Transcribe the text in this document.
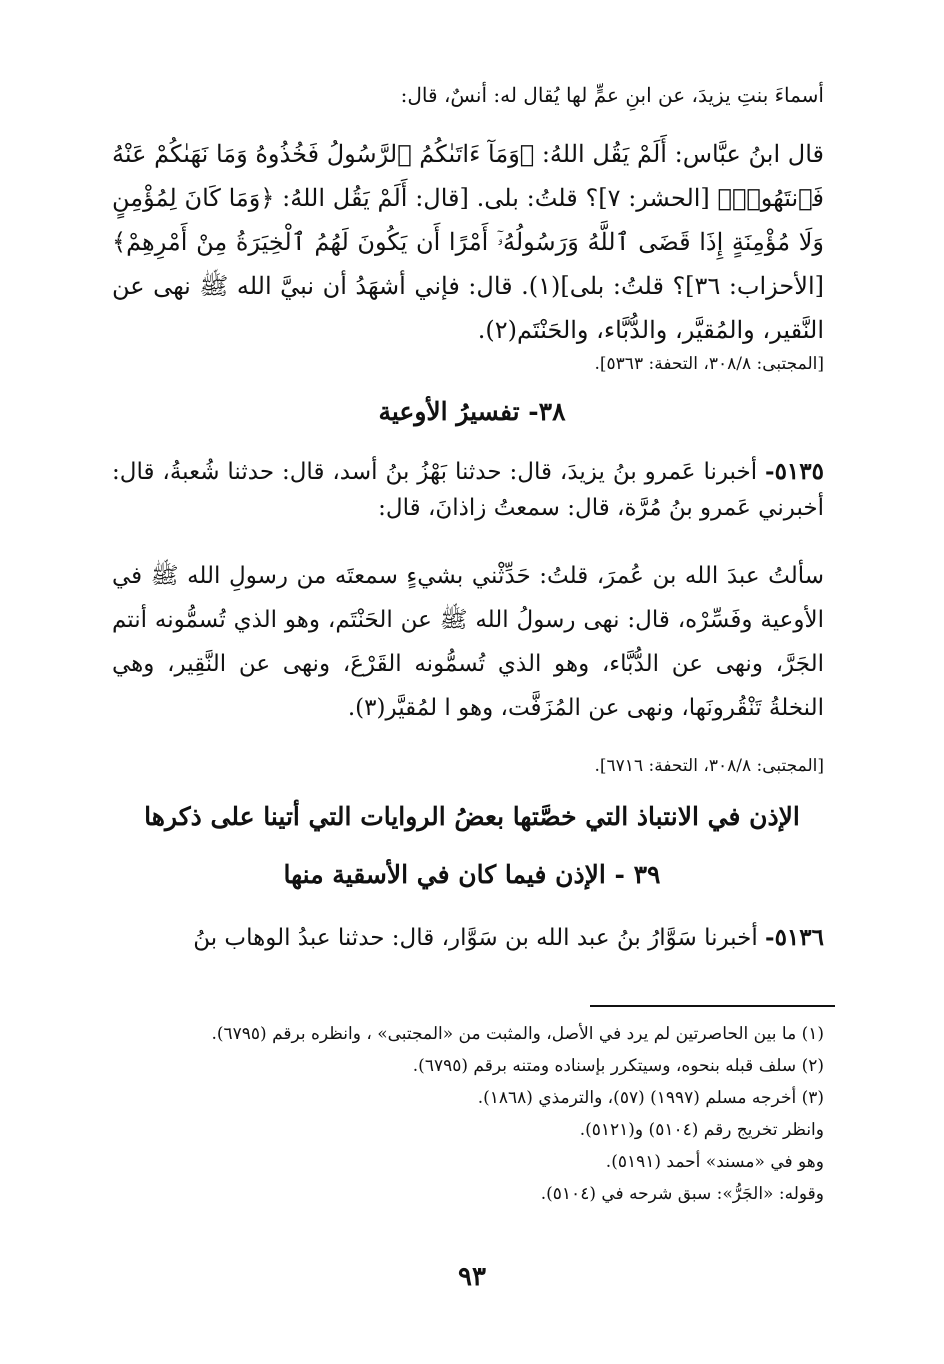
أسماءَ بنتِ يزيدَ، عن ابنِ عمٍّ لها يُقال له: أنسٌ، قال:

قال ابنُ عبَّاس: أَلَمْ يَقُل اللهُ: ﴿وَمَآ ءَاتَىٰكُمُ ٱلرَّسُولُ فَخُذُوهُ وَمَا نَهَىٰكُمْ عَنْهُ فَٱنتَهُوا۟﴾ [الحشر: ٧]؟ قلتُ: بلى. [قال: أَلَمْ يَقُل اللهُ: ﴿وَمَا كَانَ لِمُؤْمِنٍ وَلَا مُؤْمِنَةٍ إِذَا قَضَى ٱللَّهُ وَرَسُولُهُۥٓ أَمْرًا أَن يَكُونَ لَهُمُ ٱلْخِيَرَةُ مِنْ أَمْرِهِمْ﴾ [الأحزاب: ٣٦]؟ قلتُ: بلى](١). قال: فإني أشهَدُ أن نبيَّ الله ﷺ نهى عن النَّقير، والمُقيَّر، والدُّبَّاء، والحَنْتَم(٢).

[المجتبى: ٣٠٨/٨، التحفة: ٥٣٦٣].

٣٨- تفسيرُ الأوعية

٥١٣٥- أخبرنا عَمرو بنُ يزيدَ، قال: حدثنا بَهْزُ بنُ أسد، قال: حدثنا شُعبةُ، قال: أخبرني عَمرو بنُ مُرَّة، قال: سمعتُ زاذانَ، قال:

سألتُ عبدَ الله بن عُمرَ، قلتُ: حَدِّثْني بشيءٍ سمعتَه من رسولِ الله ﷺ في الأوعية وفَسِّرْه، قال: نهى رسولُ الله ﷺ عن الحَنْتَم، وهو الذي تُسمُّونه أنتم الجَرَّ، ونهى عن الدُّبَّاء، وهو الذي تُسمُّونه القَرْعَ، ونهى عن النَّقِير، وهي النخلةُ تَنْقُرونَها، ونهى عن المُزَفَّت، وهو ا لمُقيَّر(٣).

[المجتبى: ٣٠٨/٨، التحفة: ٦٧١٦].

الإذن في الانتباذ التي خصَّتها بعضُ الروايات التي أتينا على ذكرها
٣٩ - الإذن فيما كان في الأسقية منها

٥١٣٦- أخبرنا سَوَّارُ بنُ عبد الله بن سَوَّار، قال: حدثنا عبدُ الوهاب بنُ

(١) ما بين الحاصرتين لم يرد في الأصل، والمثبت من «المجتبى» ، وانظره برقم (٦٧٩٥).
(٢) سلف قبله بنحوه، وسيتكرر بإسناده ومتنه برقم (٦٧٩٥).
(٣) أخرجه مسلم (١٩٩٧) (٥٧)، والترمذي (١٨٦٨).
وانظر تخريج رقم (٥١٠٤) و(٥١٢١).
وهو في «مسند» أحمد (٥١٩١).
وقوله: «الجَرُّ»: سبق شرحه في (٥١٠٤).
٩٣
